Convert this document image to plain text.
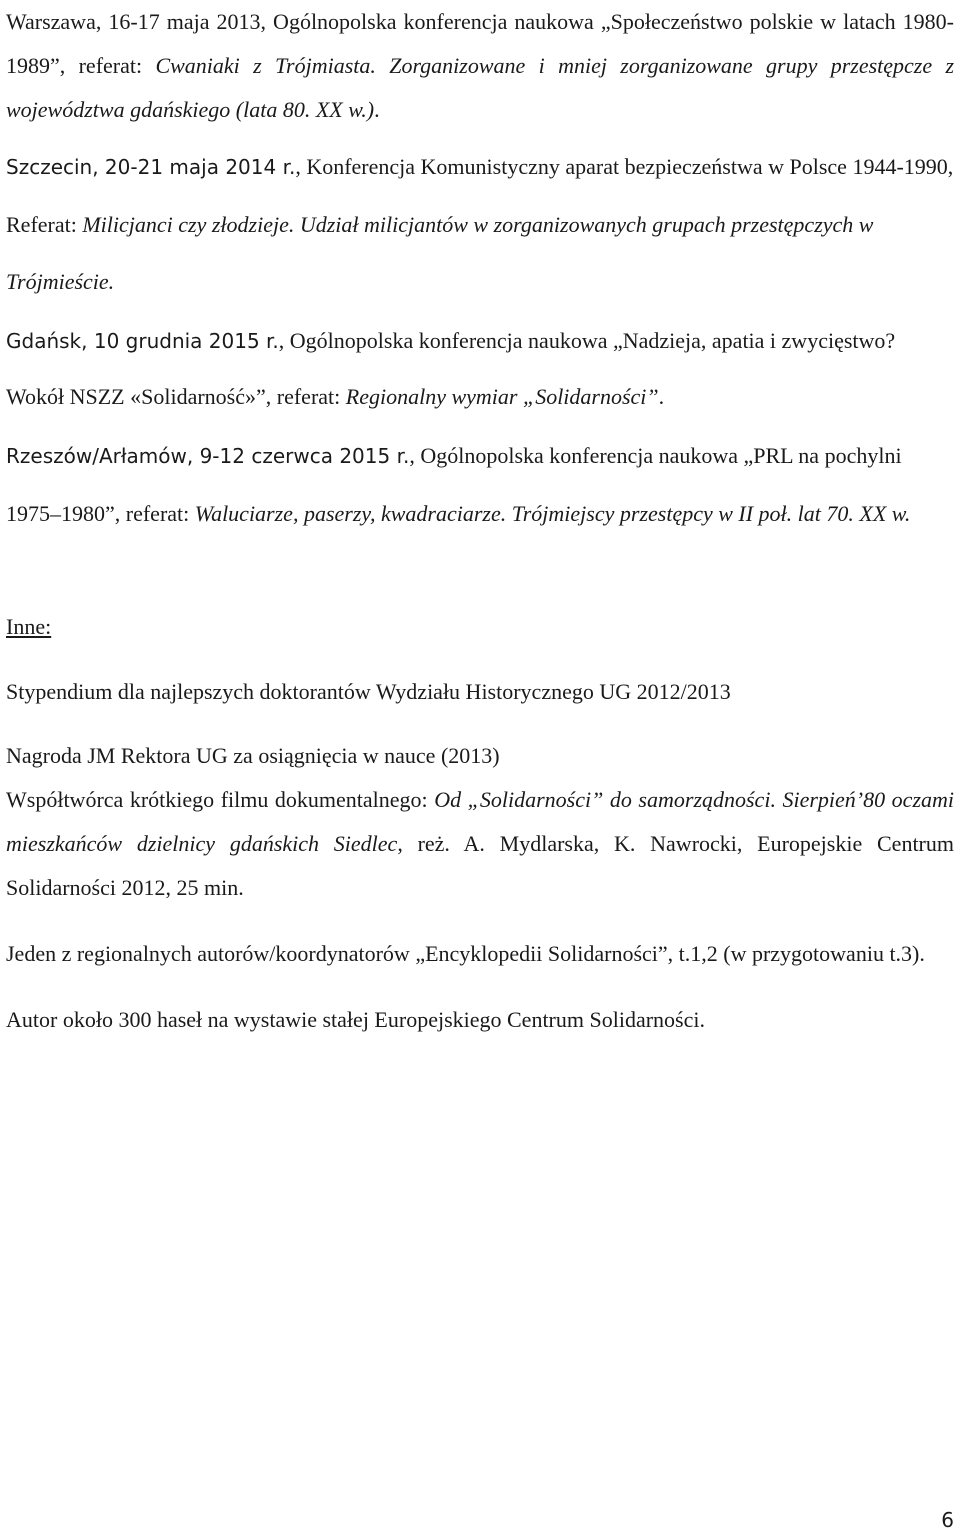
Warszawa, 16-17 maja 2013, Ogólnopolska konferencja naukowa „Społeczeństwo polskie w latach 1980-1989”, referat: Cwaniaki z Trójmiasta. Zorganizowane i mniej zorganizowane grupy przestępcze z województwa gdańskiego (lata 80. XX w.).

Szczecin, 20-21 maja 2014 r., Konferencja Komunistyczny aparat bezpieczeństwa w Polsce 1944-1990, Referat: Milicjanci czy złodzieje. Udział milicjantów w zorganizowanych grupach przestępczych w Trójmieście.

Gdańsk, 10 grudnia 2015 r., Ogólnopolska konferencja naukowa „Nadzieja, apatia i zwycięstwo? Wokół NSZZ «Solidarność»”, referat: Regionalny wymiar „Solidarności”.

Rzeszów/Arłamów, 9-12 czerwca 2015 r., Ogólnopolska konferencja naukowa „PRL na pochylni 1975‒1980”, referat: Waluciarze, paserzy, kwadraciarze. Trójmiejscy przestępcy w II poł. lat 70. XX w.

Inne:

Stypendium dla najlepszych doktorantów Wydziału Historycznego UG 2012/2013

Nagroda JM Rektora UG za osiągnięcia w nauce (2013)

Współtwórca krótkiego filmu dokumentalnego: Od „Solidarności” do samorządności. Sierpień’80 oczami mieszkańców dzielnicy gdańskich Siedlec, reż. A. Mydlarska, K. Nawrocki, Europejskie Centrum Solidarności 2012, 25 min.

Jeden z regionalnych autorów/koordynatorów „Encyklopedii Solidarności”, t.1,2 (w przygotowaniu t.3).

Autor około 300 haseł na wystawie stałej Europejskiego Centrum Solidarności.

6
